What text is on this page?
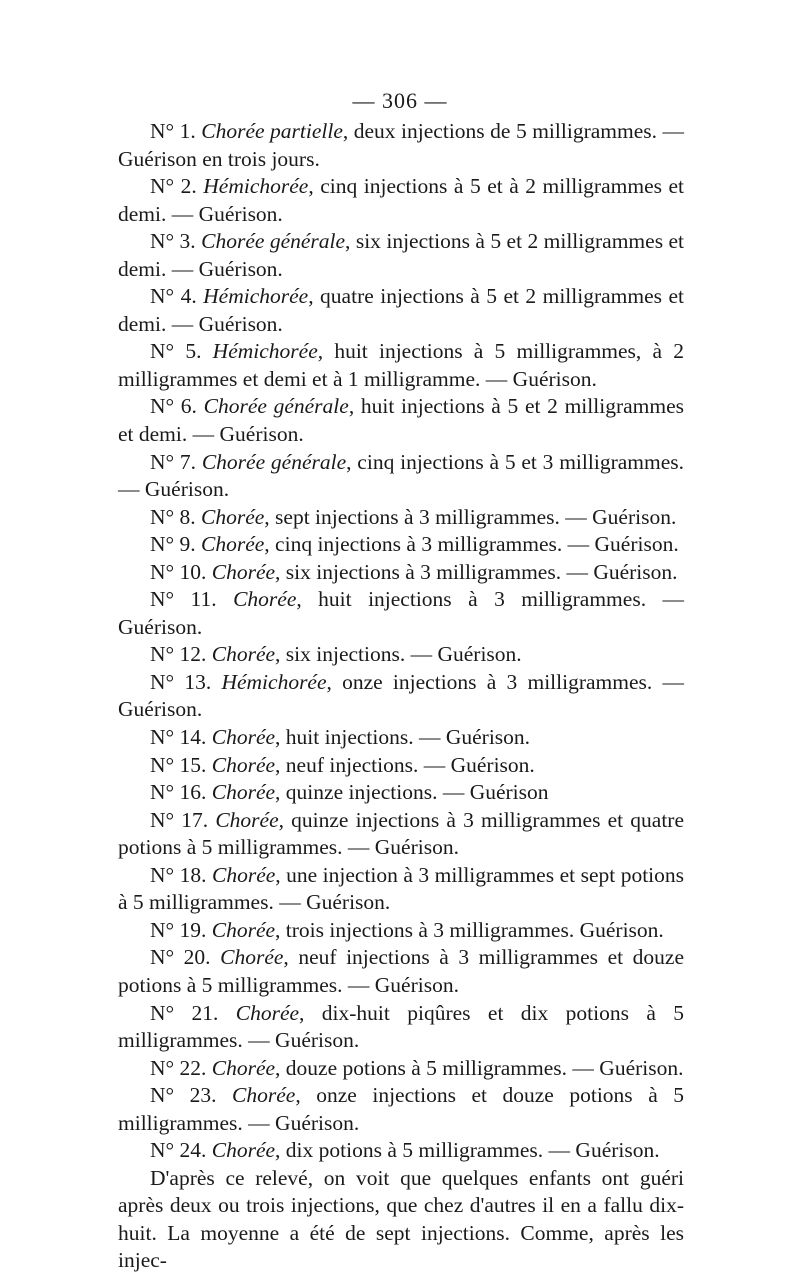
— 306 —

N° 1. Chorée partielle, deux injections de 5 milligrammes. — Guérison en trois jours.

N° 2. Hémichorée, cinq injections à 5 et à 2 milligrammes et demi. — Guérison.

N° 3. Chorée générale, six injections à 5 et 2 milligrammes et demi. — Guérison.

N° 4. Hémichorée, quatre injections à 5 et 2 milligrammes et demi. — Guérison.

N° 5. Hémichorée, huit injections à 5 milligrammes, à 2 milligrammes et demi et à 1 milligramme. — Guérison.

N° 6. Chorée générale, huit injections à 5 et 2 milligrammes et demi. — Guérison.

N° 7. Chorée générale, cinq injections à 5 et 3 milligrammes. — Guérison.

N° 8. Chorée, sept injections à 3 milligrammes. — Guérison.

N° 9. Chorée, cinq injections à 3 milligrammes. — Guérison.

N° 10. Chorée, six injections à 3 milligrammes. — Guérison.

N° 11. Chorée, huit injections à 3 milligrammes. — Guérison.

N° 12. Chorée, six injections. — Guérison.

N° 13. Hémichorée, onze injections à 3 milligrammes. — Guérison.

N° 14. Chorée, huit injections. — Guérison.

N° 15. Chorée, neuf injections. — Guérison.

N° 16. Chorée, quinze injections. — Guérison

N° 17. Chorée, quinze injections à 3 milligrammes et quatre potions à 5 milligrammes. — Guérison.

N° 18. Chorée, une injection à 3 milligrammes et sept potions à 5 milligrammes. — Guérison.

N° 19. Chorée, trois injections à 3 milligrammes. Guérison.

N° 20. Chorée, neuf injections à 3 milligrammes et douze potions à 5 milligrammes. — Guérison.

N° 21. Chorée, dix-huit piqûres et dix potions à 5 milligrammes. — Guérison.

N° 22. Chorée, douze potions à 5 milligrammes. — Guérison.

N° 23. Chorée, onze injections et douze potions à 5 milligrammes. — Guérison.

N° 24. Chorée, dix potions à 5 milligrammes. — Guérison.

D'après ce relevé, on voit que quelques enfants ont guéri après deux ou trois injections, que chez d'autres il en a fallu dix-huit. La moyenne a été de sept injections. Comme, après les injec-
